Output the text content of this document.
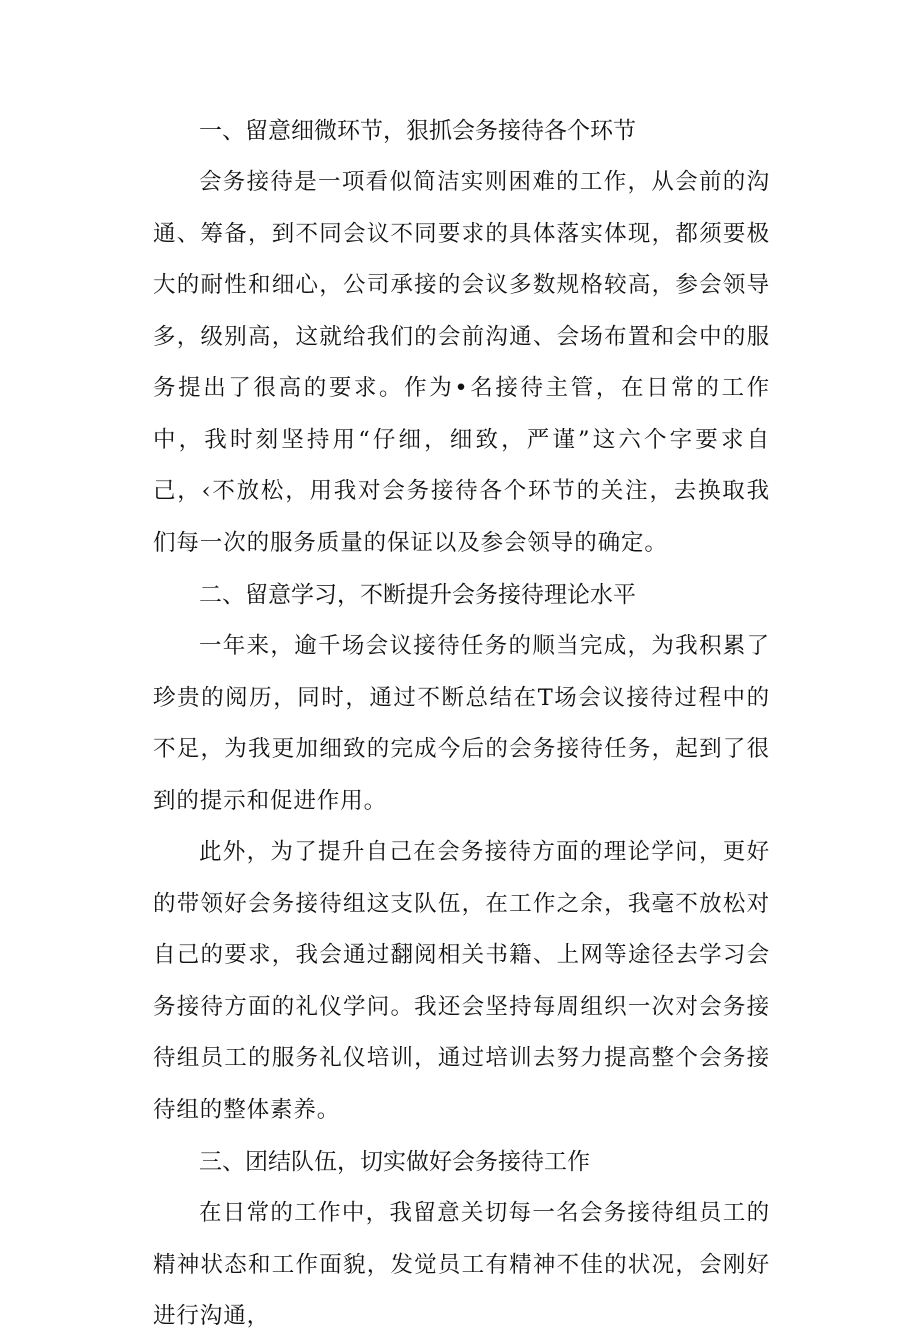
一、留意细微环节，狠抓会务接待各个环节

会务接待是一项看似简洁实则困难的工作，从会前的沟通、筹备，到不同会议不同要求的具体落实体现，都须要极大的耐性和细心，公司承接的会议多数规格较高，参会领导多，级别高，这就给我们的会前沟通、会场布置和会中的服务提出了很高的要求。作为•名接待主管，在日常的工作中，我时刻坚持用“仔细，细致，严谨”这六个字要求自己，‹不放松，用我对会务接待各个环节的关注，去换取我们每一次的服务质量的保证以及参会领导的确定。

二、留意学习，不断提升会务接待理论水平

一年来，逾千场会议接待任务的顺当完成，为我积累了珍贵的阅历，同时，通过不断总结在T场会议接待过程中的不足，为我更加细致的完成今后的会务接待任务，起到了很到的提示和促进作用。

此外，为了提升自己在会务接待方面的理论学问，更好的带领好会务接待组这支队伍，在工作之余，我毫不放松对自己的要求，我会通过翻阅相关书籍、上网等途径去学习会务接待方面的礼仪学问。我还会坚持每周组织一次对会务接待组员工的服务礼仪培训，通过培训去努力提高整个会务接待组的整体素养。

三、团结队伍，切实做好会务接待工作

在日常的工作中，我留意关切每一名会务接待组员工的精神状态和工作面貌，发觉员工有精神不佳的状况，会刚好进行沟通，
